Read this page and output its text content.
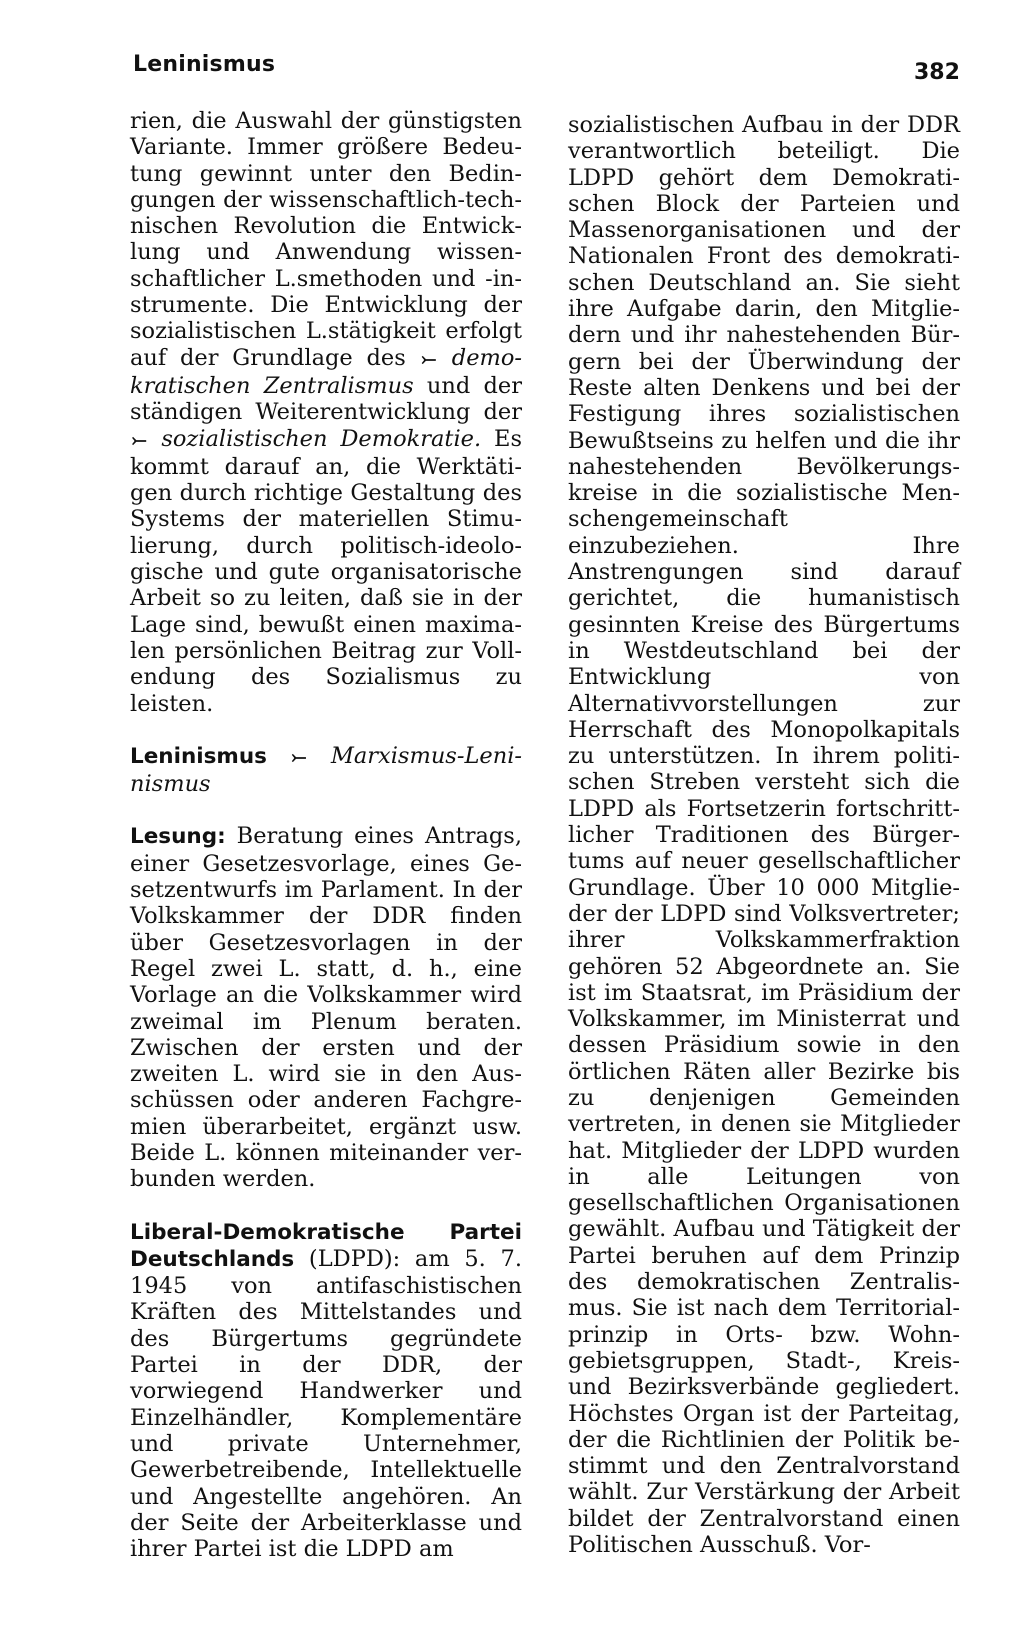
Leninismus	382

rien, die Auswahl der günstigsten Variante. Immer größere Bedeutung gewinnt unter den Bedingungen der wissenschaftlich-technischen Revolution die Entwicklung und Anwendung wissenschaftlicher L.smethoden und -instrumente. Die Entwicklung der sozialistischen L.stätigkeit erfolgt auf der Grundlage des ⤚ demokratischen Zentralismus und der ständigen Weiterentwicklung der ⤚ sozialistischen Demokratie. Es kommt darauf an, die Werktätigen durch richtige Gestaltung des Systems der materiellen Stimulierung, durch politisch-ideologische und gute organisatorische Arbeit so zu leiten, daß sie in der Lage sind, bewußt einen maximalen persönlichen Beitrag zur Vollendung des Sozialismus zu leisten.

Leninismus ⤚ Marxismus-Leninismus

Lesung: Beratung eines Antrags, einer Gesetzesvorlage, eines Gesetzentwurfs im Parlament. In der Volkskammer der DDR finden über Gesetzesvorlagen in der Regel zwei L. statt, d. h., eine Vorlage an die Volkskammer wird zweimal im Plenum beraten. Zwischen der ersten und der zweiten L. wird sie in den Ausschüssen oder anderen Fachgremien überarbeitet, ergänzt usw. Beide L. können miteinander verbunden werden.

Liberal-Demokratische Partei Deutschlands (LDPD): am 5. 7. 1945 von antifaschistischen Kräften des Mittelstandes und des Bürgertums gegründete Partei in der DDR, der vorwiegend Handwerker und Einzelhändler, Komplementäre und private Unternehmer, Gewerbetreibende, Intellektuelle und Angestellte angehören. An der Seite der Arbeiterklasse und ihrer Partei ist die LDPD am

sozialistischen Aufbau in der DDR verantwortlich beteiligt. Die LDPD gehört dem Demokratischen Block der Parteien und Massenorganisationen und der Nationalen Front des demokratischen Deutschland an. Sie sieht ihre Aufgabe darin, den Mitgliedern und ihr nahestehenden Bürgern bei der Überwindung der Reste alten Denkens und bei der Festigung ihres sozialistischen Bewußtseins zu helfen und die ihr nahestehenden Bevölkerungskreise in die sozialistische Menschengemeinschaft einzubeziehen. Ihre Anstrengungen sind darauf gerichtet, die humanistisch gesinnten Kreise des Bürgertums in Westdeutschland bei der Entwicklung von Alternativvorstellungen zur Herrschaft des Monopolkapitals zu unterstützen. In ihrem politischen Streben versteht sich die LDPD als Fortsetzerin fortschrittlicher Traditionen des Bürgertums auf neuer gesellschaftlicher Grundlage. Über 10 000 Mitglieder der LDPD sind Volksvertreter; ihrer Volkskammerfraktion gehören 52 Abgeordnete an. Sie ist im Staatsrat, im Präsidium der Volkskammer, im Ministerrat und dessen Präsidium sowie in den örtlichen Räten aller Bezirke bis zu denjenigen Gemeinden vertreten, in denen sie Mitglieder hat. Mitglieder der LDPD wurden in alle Leitungen von gesellschaftlichen Organisationen gewählt. Aufbau und Tätigkeit der Partei beruhen auf dem Prinzip des demokratischen Zentralismus. Sie ist nach dem Territorialprinzip in Orts- bzw. Wohngebietsgruppen, Stadt-, Kreis- und Bezirksverbände gegliedert. Höchstes Organ ist der Parteitag, der die Richtlinien der Politik bestimmt und den Zentralvorstand wählt. Zur Verstärkung der Arbeit bildet der Zentralvorstand einen Politischen Ausschuß. Vor-
